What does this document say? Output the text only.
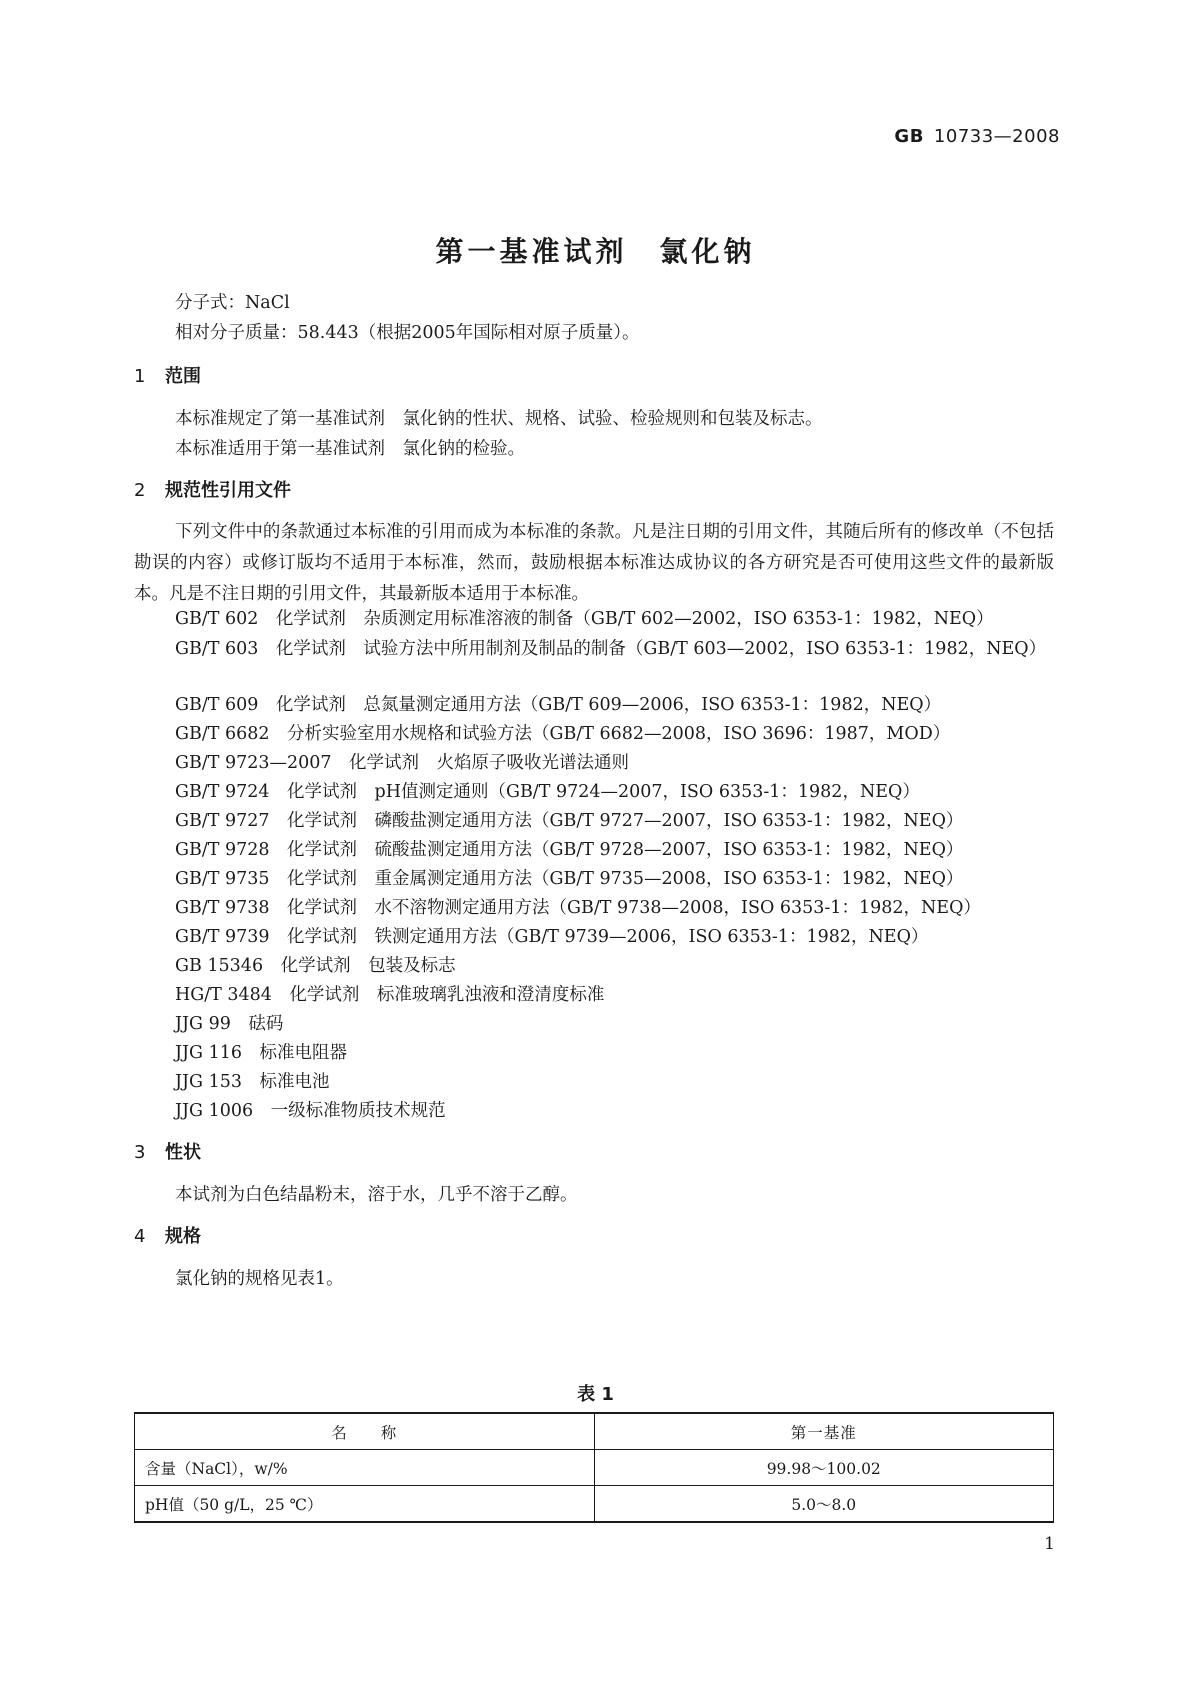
GB 10733—2008
第一基准试剂　氯化钠
分子式：NaCl
相对分子质量：58.443（根据2005年国际相对原子质量）。
1 范围
本标准规定了第一基准试剂　氯化钠的性状、规格、试验、检验规则和包装及标志。
本标准适用于第一基准试剂　氯化钠的检验。
2 规范性引用文件

下列文件中的条款通过本标准的引用而成为本标准的条款。凡是注日期的引用文件，其随后所有的修改单（不包括勘误的内容）或修订版均不适用于本标准，然而，鼓励根据本标准达成协议的各方研究是否可使用这些文件的最新版本。凡是不注日期的引用文件，其最新版本适用于本标准。

GB/T 602　化学试剂　杂质测定用标准溶液的制备（GB/T 602—2002，ISO 6353-1：1982，NEQ）

GB/T 603　化学试剂　试验方法中所用制剂及制品的制备（GB/T 603—2002，ISO 6353-1：1982，NEQ）

GB/T 609　化学试剂　总氮量测定通用方法（GB/T 609—2006，ISO 6353-1：1982，NEQ）
GB/T 6682　分析实验室用水规格和试验方法（GB/T 6682—2008，ISO 3696：1987，MOD）
GB/T 9723—2007　化学试剂　火焰原子吸收光谱法通则
GB/T 9724　化学试剂　pH值测定通则（GB/T 9724—2007，ISO 6353-1：1982，NEQ）
GB/T 9727　化学试剂　磷酸盐测定通用方法（GB/T 9727—2007，ISO 6353-1：1982，NEQ）
GB/T 9728　化学试剂　硫酸盐测定通用方法（GB/T 9728—2007，ISO 6353-1：1982，NEQ）
GB/T 9735　化学试剂　重金属测定通用方法（GB/T 9735—2008，ISO 6353-1：1982，NEQ）
GB/T 9738　化学试剂　水不溶物测定通用方法（GB/T 9738—2008，ISO 6353-1：1982，NEQ）
GB/T 9739　化学试剂　铁测定通用方法（GB/T 9739—2006，ISO 6353-1：1982，NEQ）
GB 15346　化学试剂　包装及标志
HG/T 3484　化学试剂　标准玻璃乳浊液和澄清度标准
JJG 99　砝码
JJG 116　标准电阻器
JJG 153　标准电池
JJG 1006　一级标准物质技术规范
3 性状
本试剂为白色结晶粉末，溶于水，几乎不溶于乙醇。
4 规格
氯化钠的规格见表1。
表 1
名　　称	第一基准
含量（NaCl），w/%	99.98～100.02
pH值（50 g/L，25 ℃）	5.0～8.0
1
